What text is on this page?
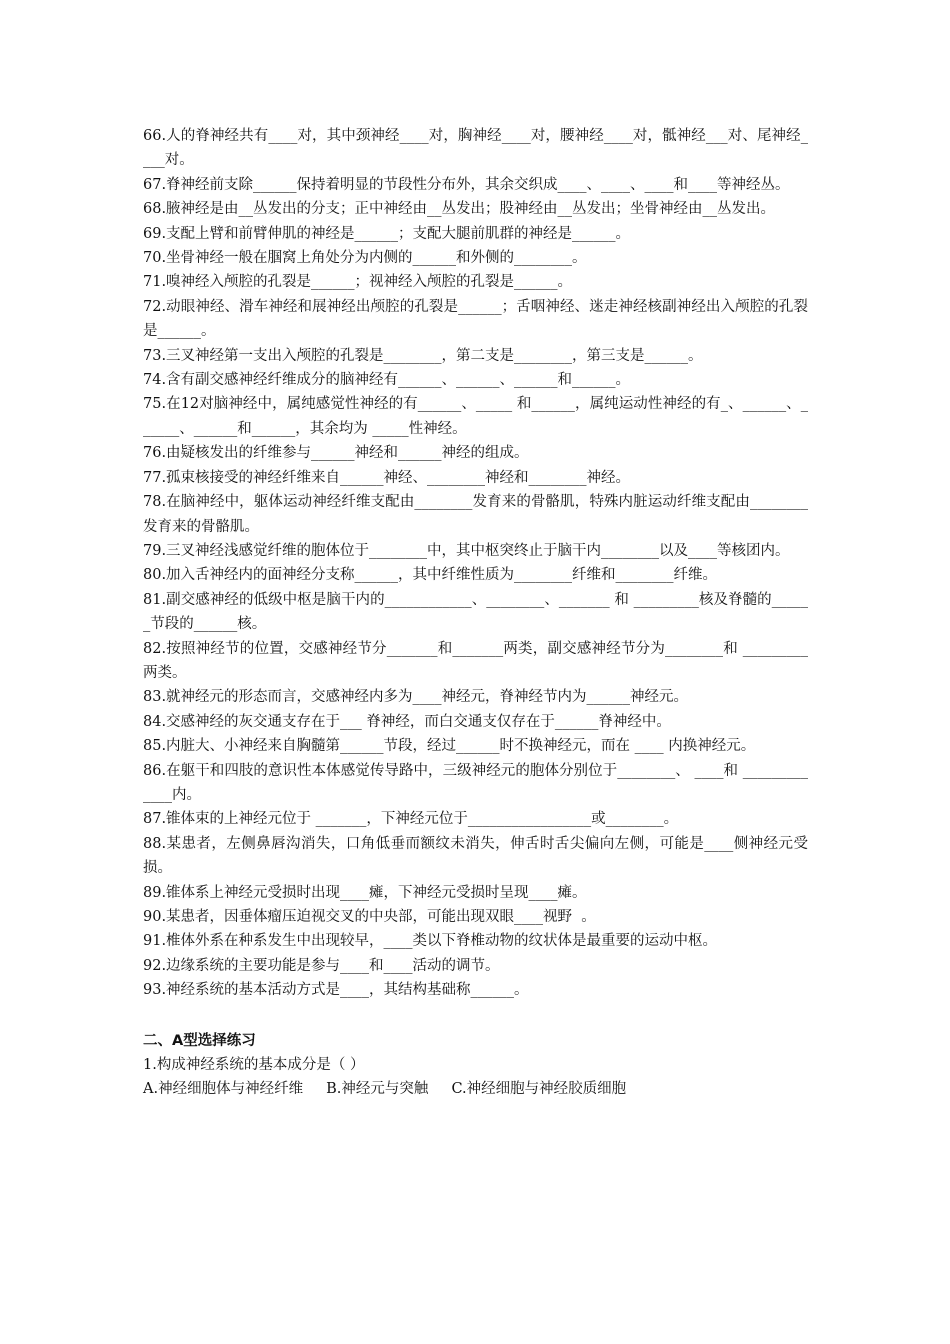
66.人的脊神经共有____对，其中颈神经____对，胸神经____对，腰神经____对，骶神经___对、尾神经____对。

67.脊神经前支除______保持着明显的节段性分布外，其余交织成____、____、____和____等神经丛。

68.腋神经是由__丛发出的分支；正中神经由__丛发出；股神经由__丛发出；坐骨神经由__丛发出。

69.支配上臂和前臂伸肌的神经是______；支配大腿前肌群的神经是______。

70.坐骨神经一般在腘窝上角处分为内侧的______和外侧的________。

71.嗅神经入颅腔的孔裂是______；视神经入颅腔的孔裂是______。

72.动眼神经、滑车神经和展神经出颅腔的孔裂是______；舌咽神经、迷走神经核副神经出入颅腔的孔裂是______。

73.三叉神经第一支出入颅腔的孔裂是________，第二支是________，第三支是______。

74.含有副交感神经纤维成分的脑神经有______、______、______和______。

75.在12对脑神经中，属纯感觉性神经的有______、_____ 和______，属纯运动性神经的有_、______、______、______和______，其余均为 _____性神经。

76.由疑核发出的纤维参与______神经和______神经的组成。

77.孤束核接受的神经纤维来自______神经、________神经和________神经。

78.在脑神经中，躯体运动神经纤维支配由________发育来的骨骼肌，特殊内脏运动纤维支配由________发育来的骨骼肌。

79.三叉神经浅感觉纤维的胞体位于________中，其中枢突终止于脑干内________以及____等核团内。

80.加入舌神经内的面神经分支称______，其中纤维性质为________纤维和________纤维。

81.副交感神经的低级中枢是脑干内的____________、________、_______ 和 _________核及脊髓的______节段的______核。

82.按照神经节的位置，交感神经节分_______和_______两类，副交感神经节分为________和 _________两类。

83.就神经元的形态而言，交感神经内多为____神经元，脊神经节内为______神经元。

84.交感神经的灰交通支存在于___ 脊神经，而白交通支仅存在于______脊神经中。

85.内脏大、小神经来自胸髓第______节段，经过______时不换神经元，而在 ____ 内换神经元。

86.在躯干和四肢的意识性本体感觉传导路中，三级神经元的胞体分别位于________、 ____和 _____________内。

87.锥体束的上神经元位于 _______，下神经元位于_________________或________。

88.某患者，左侧鼻唇沟消失，口角低垂而额纹未消失，伸舌时舌尖偏向左侧，可能是____侧神经元受损。

89.锥体系上神经元受损时出现____瘫，下神经元受损时呈现____瘫。

90.某患者，因垂体瘤压迫视交叉的中央部，可能出现双眼____视野  。

91.椎体外系在种系发生中出现较早，____类以下脊椎动物的纹状体是最重要的运动中枢。

92.边缘系统的主要功能是参与____和____活动的调节。

93.神经系统的基本活动方式是____，其结构基础称______。

二、A型选择练习

1.构成神经系统的基本成分是（ ）

A.神经细胞体与神经纤维 B.神经元与突触 C.神经细胞与神经胶质细胞
